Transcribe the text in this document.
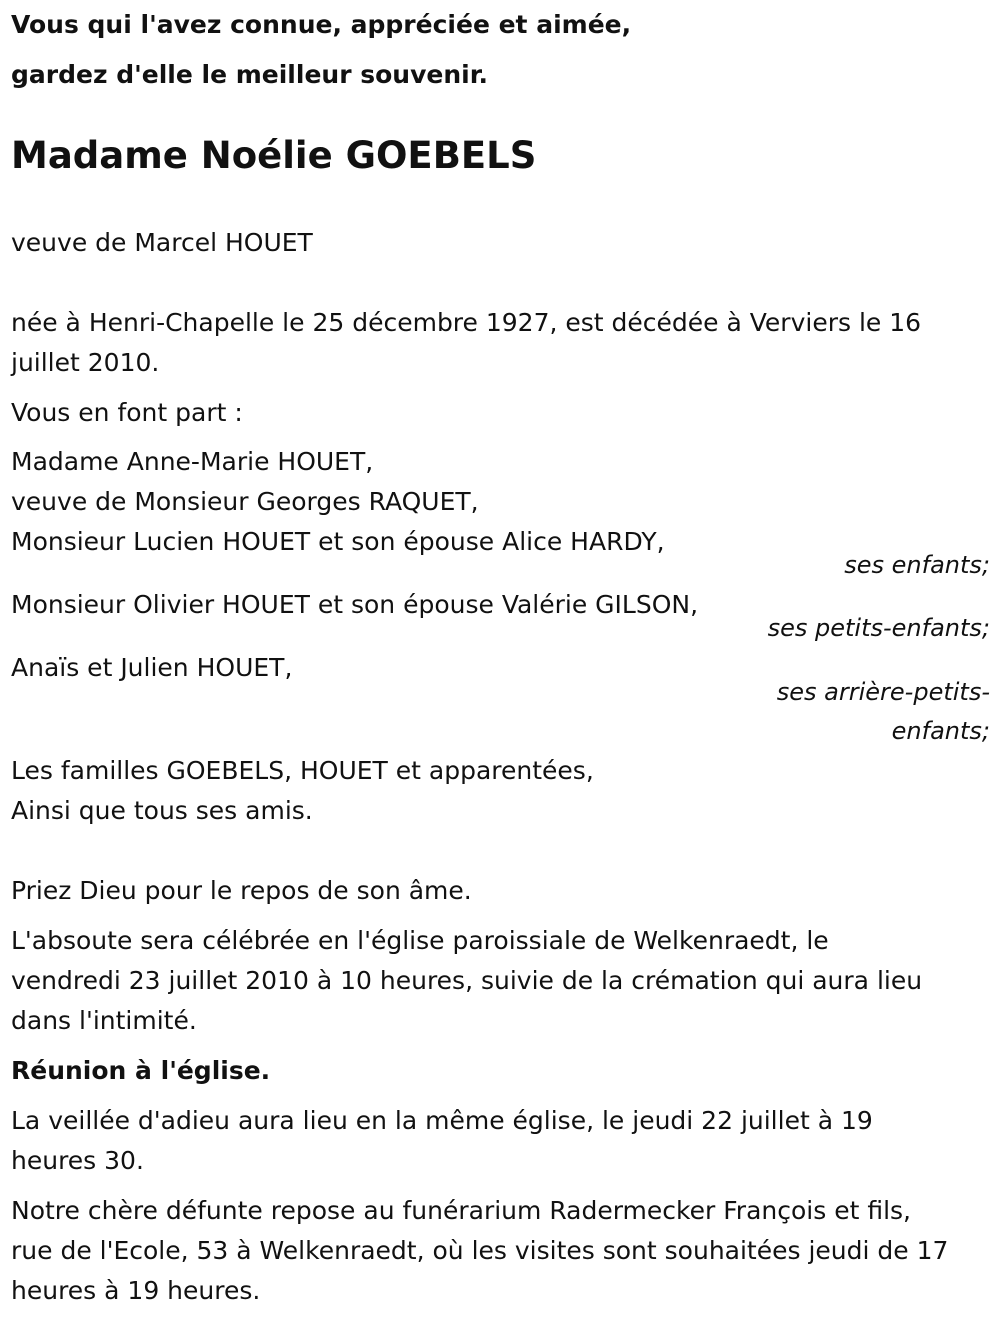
Vous qui l'avez connue, appréciée et aimée,

gardez d'elle le meilleur souvenir.

Madame Noélie GOEBELS

veuve de Marcel HOUET

née à Henri-Chapelle le 25 décembre 1927, est décédée à Verviers le 16

juillet 2010.

Vous en font part :

Madame Anne-Marie HOUET,

veuve de Monsieur Georges RAQUET,

Monsieur Lucien HOUET et son épouse Alice HARDY,

ses enfants;

Monsieur Olivier HOUET et son épouse Valérie GILSON,

ses petits-enfants;

Anaïs et Julien HOUET,

ses arrière-petits-

enfants;

Les familles GOEBELS, HOUET et apparentées,

Ainsi que tous ses amis.

Priez Dieu pour le repos de son âme.

L'absoute sera célébrée en l'église paroissiale de Welkenraedt, le

vendredi 23 juillet 2010 à 10 heures, suivie de la crémation qui aura lieu

dans l'intimité.

Réunion à l'église.

La veillée d'adieu aura lieu en la même église, le jeudi 22 juillet à 19

heures 30.

Notre chère défunte repose au funérarium Radermecker François et fils,

rue de l'Ecole, 53 à Welkenraedt, où les visites sont souhaitées jeudi de 17

heures à 19 heures.
